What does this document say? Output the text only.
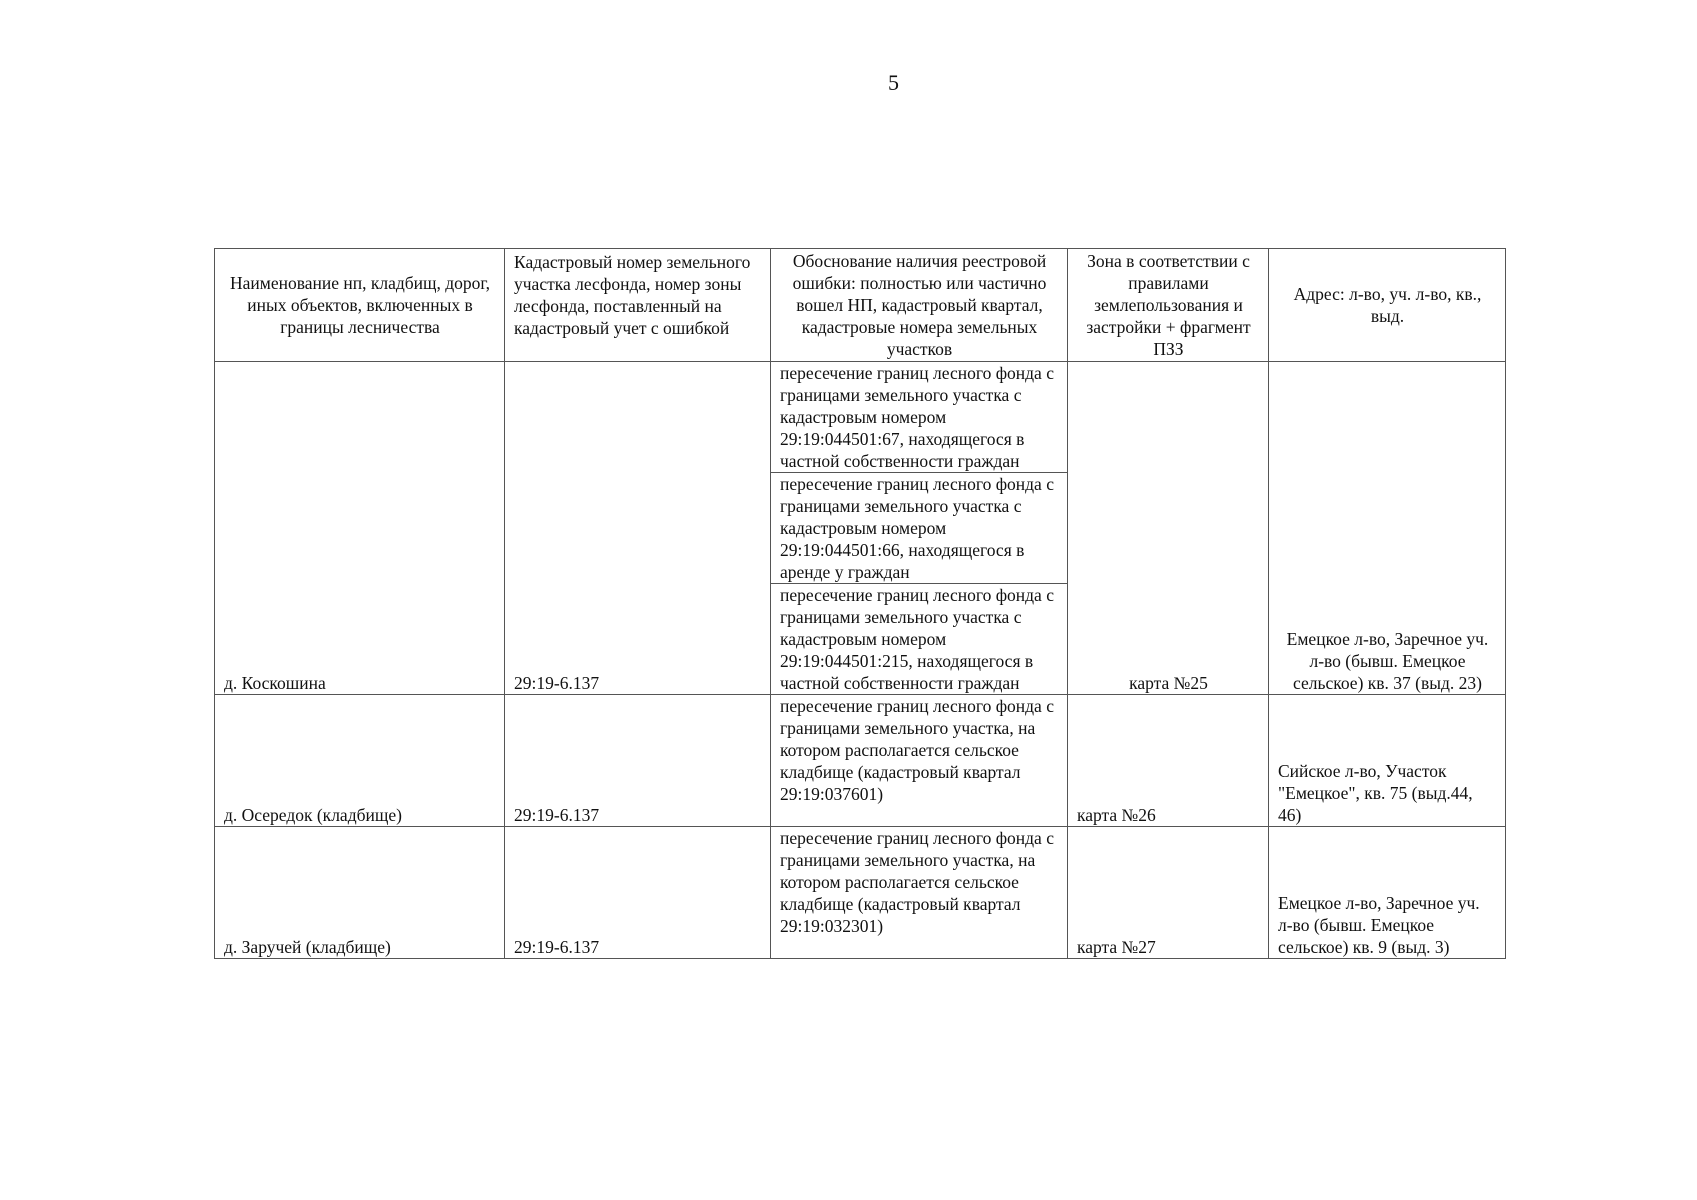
5
Наименование нп, кладбищ, дорог, иных объектов, включенных в границы лесничества	Кадастровый номер земельного участка лесфонда, номер зоны лесфонда, поставленный на кадастровый учет с ошибкой	Обоснование наличия реестровой ошибки: полностью или частично вошел НП, кадастровый квартал, кадастровые номера земельных участков	Зона в соответствии с правилами землепользования и застройки + фрагмент ПЗЗ	Адрес: л-во, уч. л-во, кв., выд.
д. Коскошина	29:19-6.137	пересечение границ лесного фонда с границами земельного участка с кадастровым номером 29:19:044501:67, находящегося в частной собственности граждан	карта №25	Емецкое л-во, Заречное уч. л-во (бывш. Емецкое сельское) кв. 37 (выд. 23)
		пересечение границ лесного фонда с границами земельного участка с кадастровым номером 29:19:044501:66, находящегося в аренде у граждан		
		пересечение границ лесного фонда с границами земельного участка с кадастровым номером 29:19:044501:215, находящегося в частной собственности граждан		
д. Осередок (кладбище)	29:19-6.137	пересечение границ лесного фонда с границами земельного участка, на котором располагается сельское кладбище (кадастровый квартал 29:19:037601)	карта №26	Сийское л-во, Участок "Емецкое", кв. 75 (выд.44, 46)
д. Заручей (кладбище)	29:19-6.137	пересечение границ лесного фонда с границами земельного участка, на котором располагается сельское кладбище (кадастровый квартал 29:19:032301)	карта №27	Емецкое л-во, Заречное уч. л-во (бывш. Емецкое сельское) кв. 9 (выд. 3)
